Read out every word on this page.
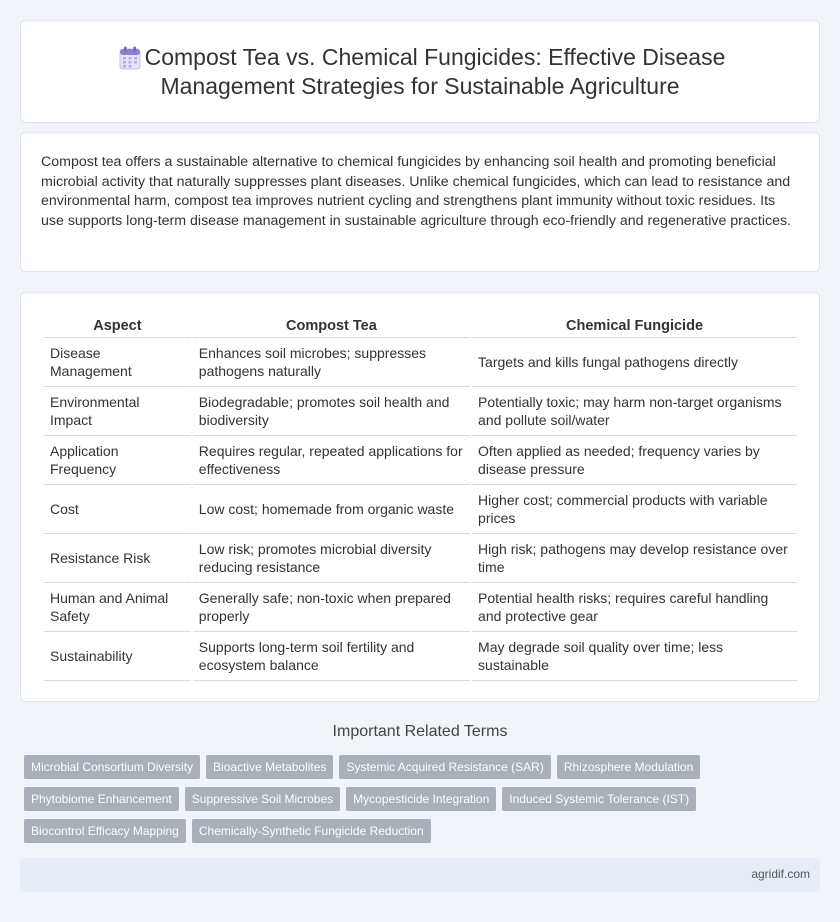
Compost Tea vs. Chemical Fungicides: Effective Disease
Management Strategies for Sustainable Agriculture

Compost tea offers a sustainable alternative to chemical fungicides by enhancing soil health and promoting beneficial microbial activity that naturally suppresses plant diseases. Unlike chemical fungicides, which can lead to resistance and environmental harm, compost tea improves nutrient cycling and strengthens plant immunity without toxic residues. Its use supports long-term disease management in sustainable agriculture through eco-friendly and regenerative practices.

Aspect	Compost Tea	Chemical Fungicide
Disease Management	Enhances soil microbes; suppresses pathogens naturally	Targets and kills fungal pathogens directly
Environmental Impact	Biodegradable; promotes soil health and biodiversity	Potentially toxic; may harm non-target organisms and pollute soil/water
Application Frequency	Requires regular, repeated applications for effectiveness	Often applied as needed; frequency varies by disease pressure
Cost	Low cost; homemade from organic waste	Higher cost; commercial products with variable prices
Resistance Risk	Low risk; promotes microbial diversity reducing resistance	High risk; pathogens may develop resistance over time
Human and Animal Safety	Generally safe; non-toxic when prepared properly	Potential health risks; requires careful handling and protective gear
Sustainability	Supports long-term soil fertility and ecosystem balance	May degrade soil quality over time; less sustainable
Important Related Terms
Microbial Consortium Diversity	Bioactive Metabolites	Systemic Acquired Resistance (SAR)	Rhizosphere Modulation
Phytobiome Enhancement	Suppressive Soil Microbes	Mycopesticide Integration	Induced Systemic Tolerance (IST)
Biocontrol Efficacy Mapping	Chemically-Synthetic Fungicide Reduction
agridif.com
